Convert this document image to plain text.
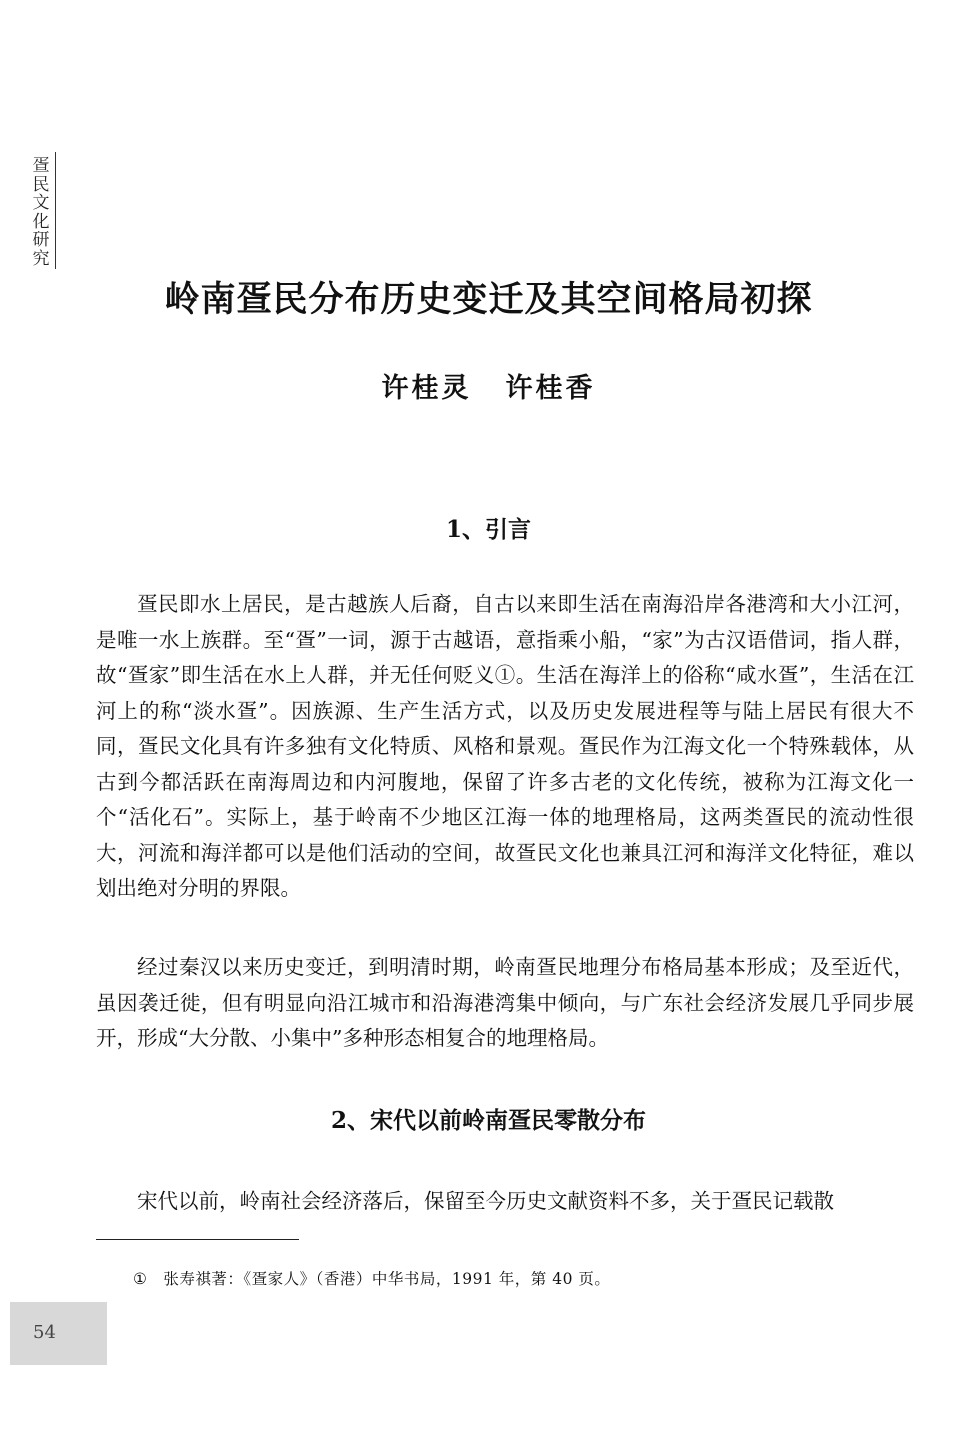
疍民文化研究
岭南疍民分布历史变迁及其空间格局初探
许桂灵 许桂香
1、引言

疍民即水上居民，是古越族人后裔，自古以来即生活在南海沿岸各港湾和大小江河，是唯一水上族群。至“疍”一词，源于古越语，意指乘小船，“家”为古汉语借词，指人群，故“疍家”即生活在水上人群，并无任何贬义①。生活在海洋上的俗称“咸水疍”，生活在江河上的称“淡水疍”。因族源、生产生活方式，以及历史发展进程等与陆上居民有很大不同，疍民文化具有许多独有文化特质、风格和景观。疍民作为江海文化一个特殊载体，从古到今都活跃在南海周边和内河腹地，保留了许多古老的文化传统，被称为江海文化一个“活化石”。实际上，基于岭南不少地区江海一体的地理格局，这两类疍民的流动性很大，河流和海洋都可以是他们活动的空间，故疍民文化也兼具江河和海洋文化特征，难以划出绝对分明的界限。

经过秦汉以来历史变迁，到明清时期，岭南疍民地理分布格局基本形成；及至近代，虽因袭迁徙，但有明显向沿江城市和沿海港湾集中倾向，与广东社会经济发展几乎同步展开，形成“大分散、小集中”多种形态相复合的地理格局。

2、宋代以前岭南疍民零散分布

宋代以前，岭南社会经济落后，保留至今历史文献资料不多，关于疍民记载散

① 张寿祺著：《疍家人》（香港）中华书局，1991 年，第 40 页。
54
